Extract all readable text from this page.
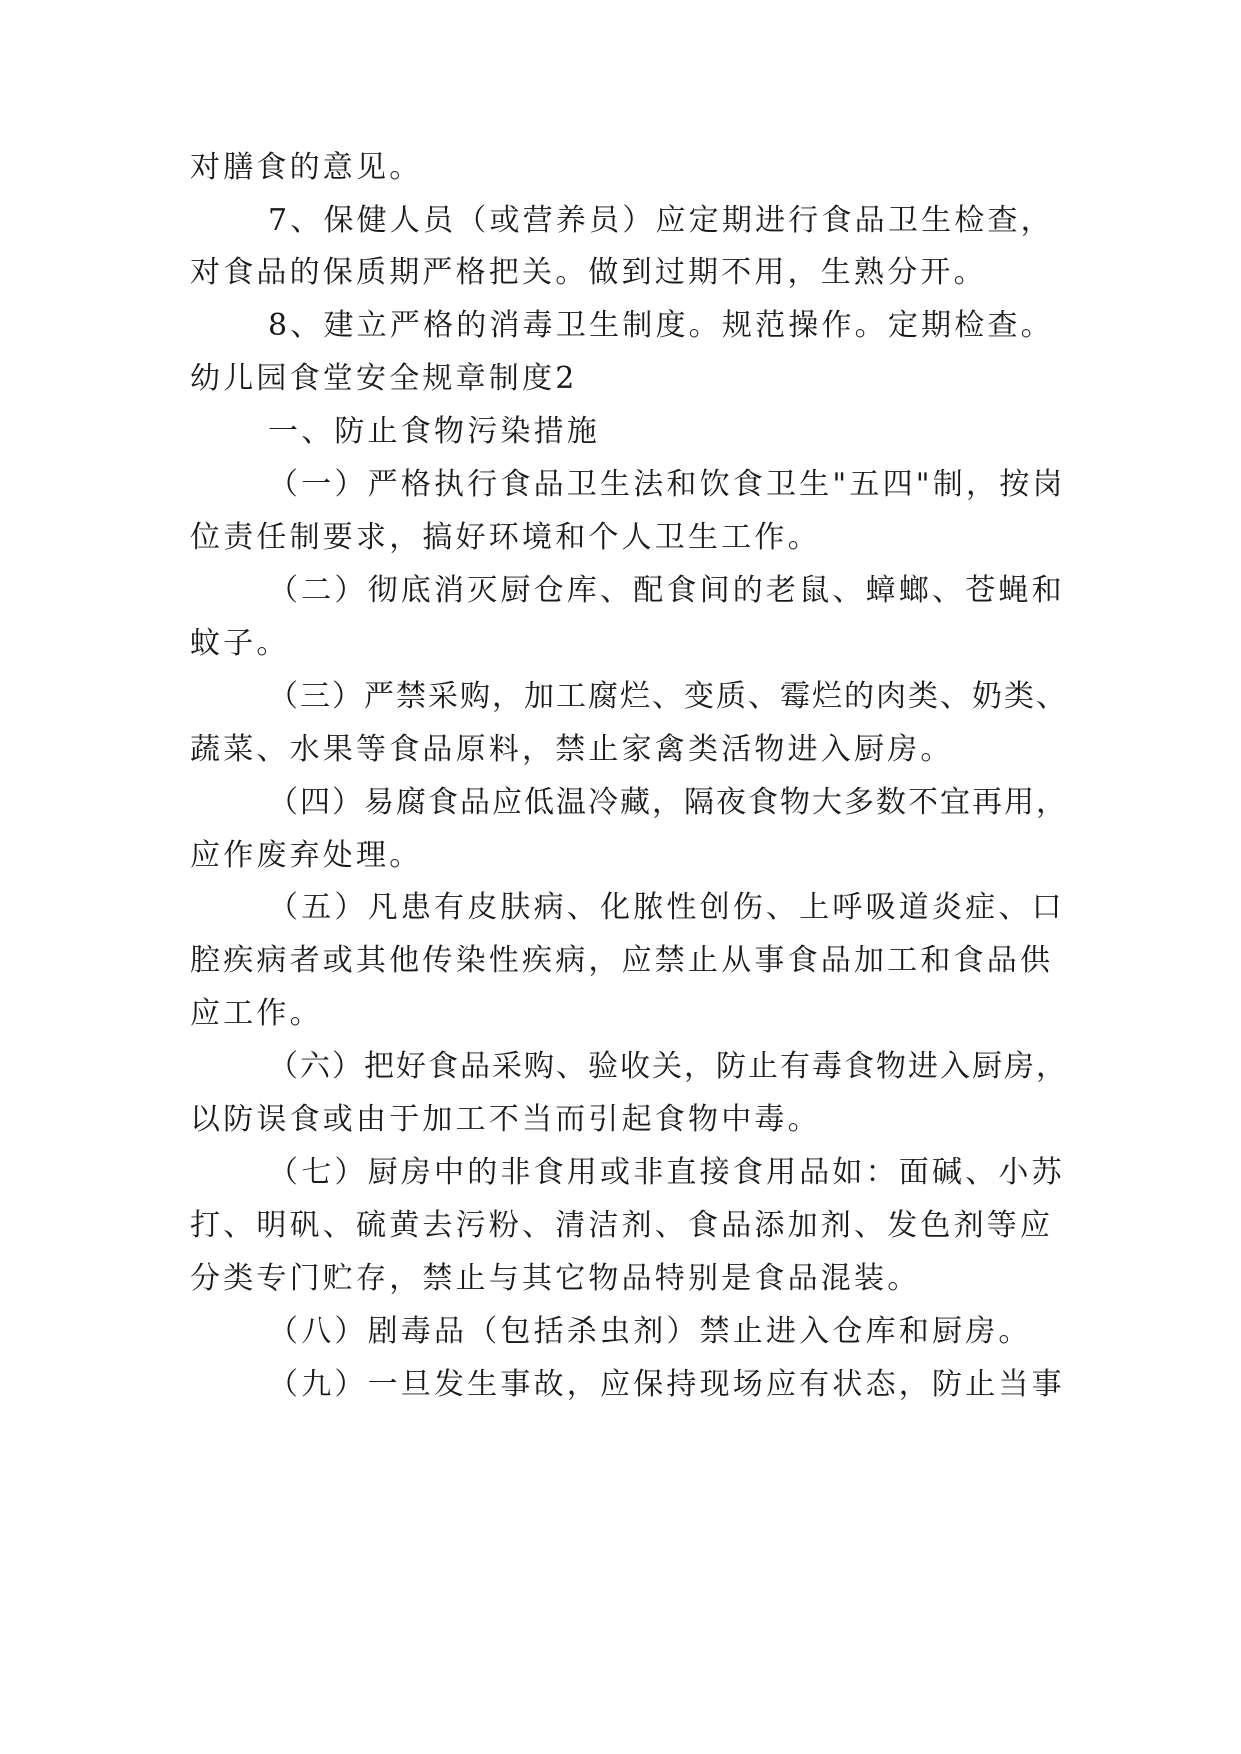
对膳食的意见。
7、保健人员（或营养员）应定期进行食品卫生检查，
对食品的保质期严格把关。做到过期不用，生熟分开。
8、建立严格的消毒卫生制度。规范操作。定期检查。
幼儿园食堂安全规章制度2
一、防止食物污染措施
（一）严格执行食品卫生法和饮食卫生"五四"制，按岗
位责任制要求，搞好环境和个人卫生工作。
（二）彻底消灭厨仓库、配食间的老鼠、蟑螂、苍蝇和
蚊子。
（三）严禁采购，加工腐烂、变质、霉烂的肉类、奶类、
蔬菜、水果等食品原料，禁止家禽类活物进入厨房。
（四）易腐食品应低温冷藏，隔夜食物大多数不宜再用，
应作废弃处理。
（五）凡患有皮肤病、化脓性创伤、上呼吸道炎症、口
腔疾病者或其他传染性疾病，应禁止从事食品加工和食品供
应工作。
（六）把好食品采购、验收关，防止有毒食物进入厨房，
以防误食或由于加工不当而引起食物中毒。
（七）厨房中的非食用或非直接食用品如：面碱、小苏
打、明矾、硫黄去污粉、清洁剂、食品添加剂、发色剂等应
分类专门贮存，禁止与其它物品特别是食品混装。
（八）剧毒品（包括杀虫剂）禁止进入仓库和厨房。
（九）一旦发生事故，应保持现场应有状态，防止当事
